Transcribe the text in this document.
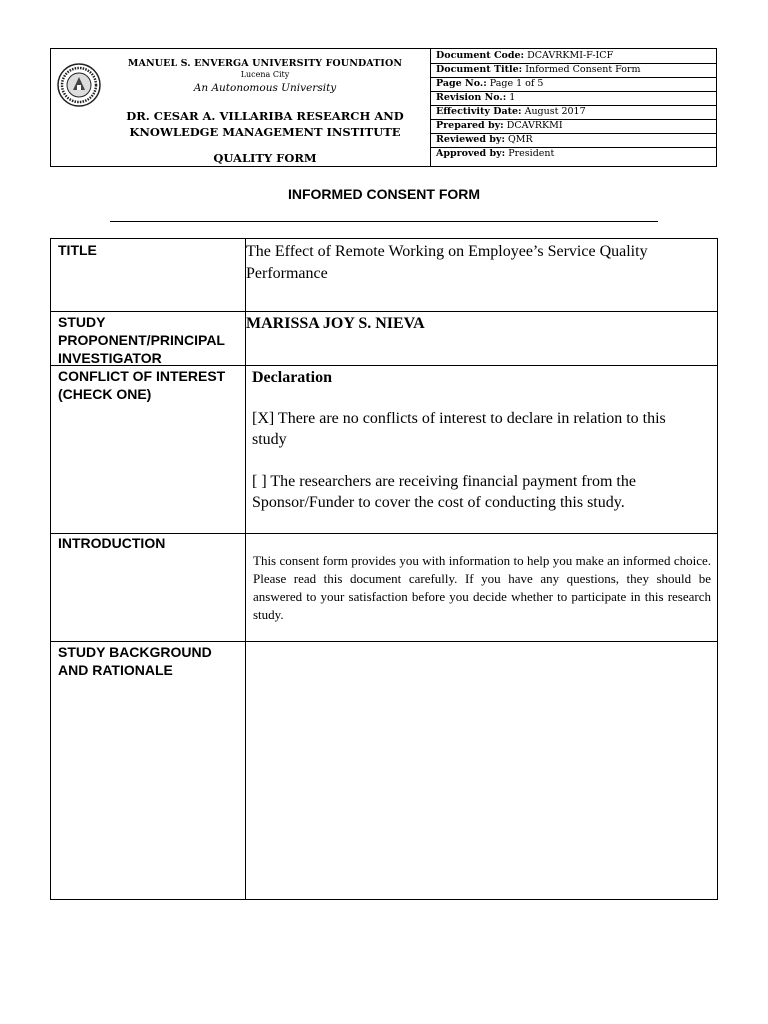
MANUEL S. ENVERGA UNIVERSITY FOUNDATION
Lucena City
An Autonomous University
DR. CESAR A. VILLARIBA RESEARCH AND
KNOWLEDGE MANAGEMENT INSTITUTE
QUALITY FORM
Document Code: DCAVRKMI-F-ICF
Document Title: Informed Consent Form
Page No.: Page 1 of 5
Revision No.: 1
Effectivity Date: August 2017
Prepared by: DCAVRKMI
Reviewed by: QMR
Approved by: President
INFORMED CONSENT FORM
TITLE	The Effect of Remote Working on Employee’s Service Quality Performance
STUDY PROPONENT/PRINCIPAL INVESTIGATOR
MARISSA JOY S. NIEVA
CONFLICT OF INTEREST (CHECK ONE)
Declaration
[X] There are no conflicts of interest to declare in relation to this study
[ ] The researchers are receiving financial payment from the Sponsor/Funder to cover the cost of conducting this study.
INTRODUCTION
This consent form provides you with information to help you make an informed choice. Please read this document carefully. If you have any questions, they should be answered to your satisfaction before you decide whether to participate in this research study.
STUDY BACKGROUND AND RATIONALE
